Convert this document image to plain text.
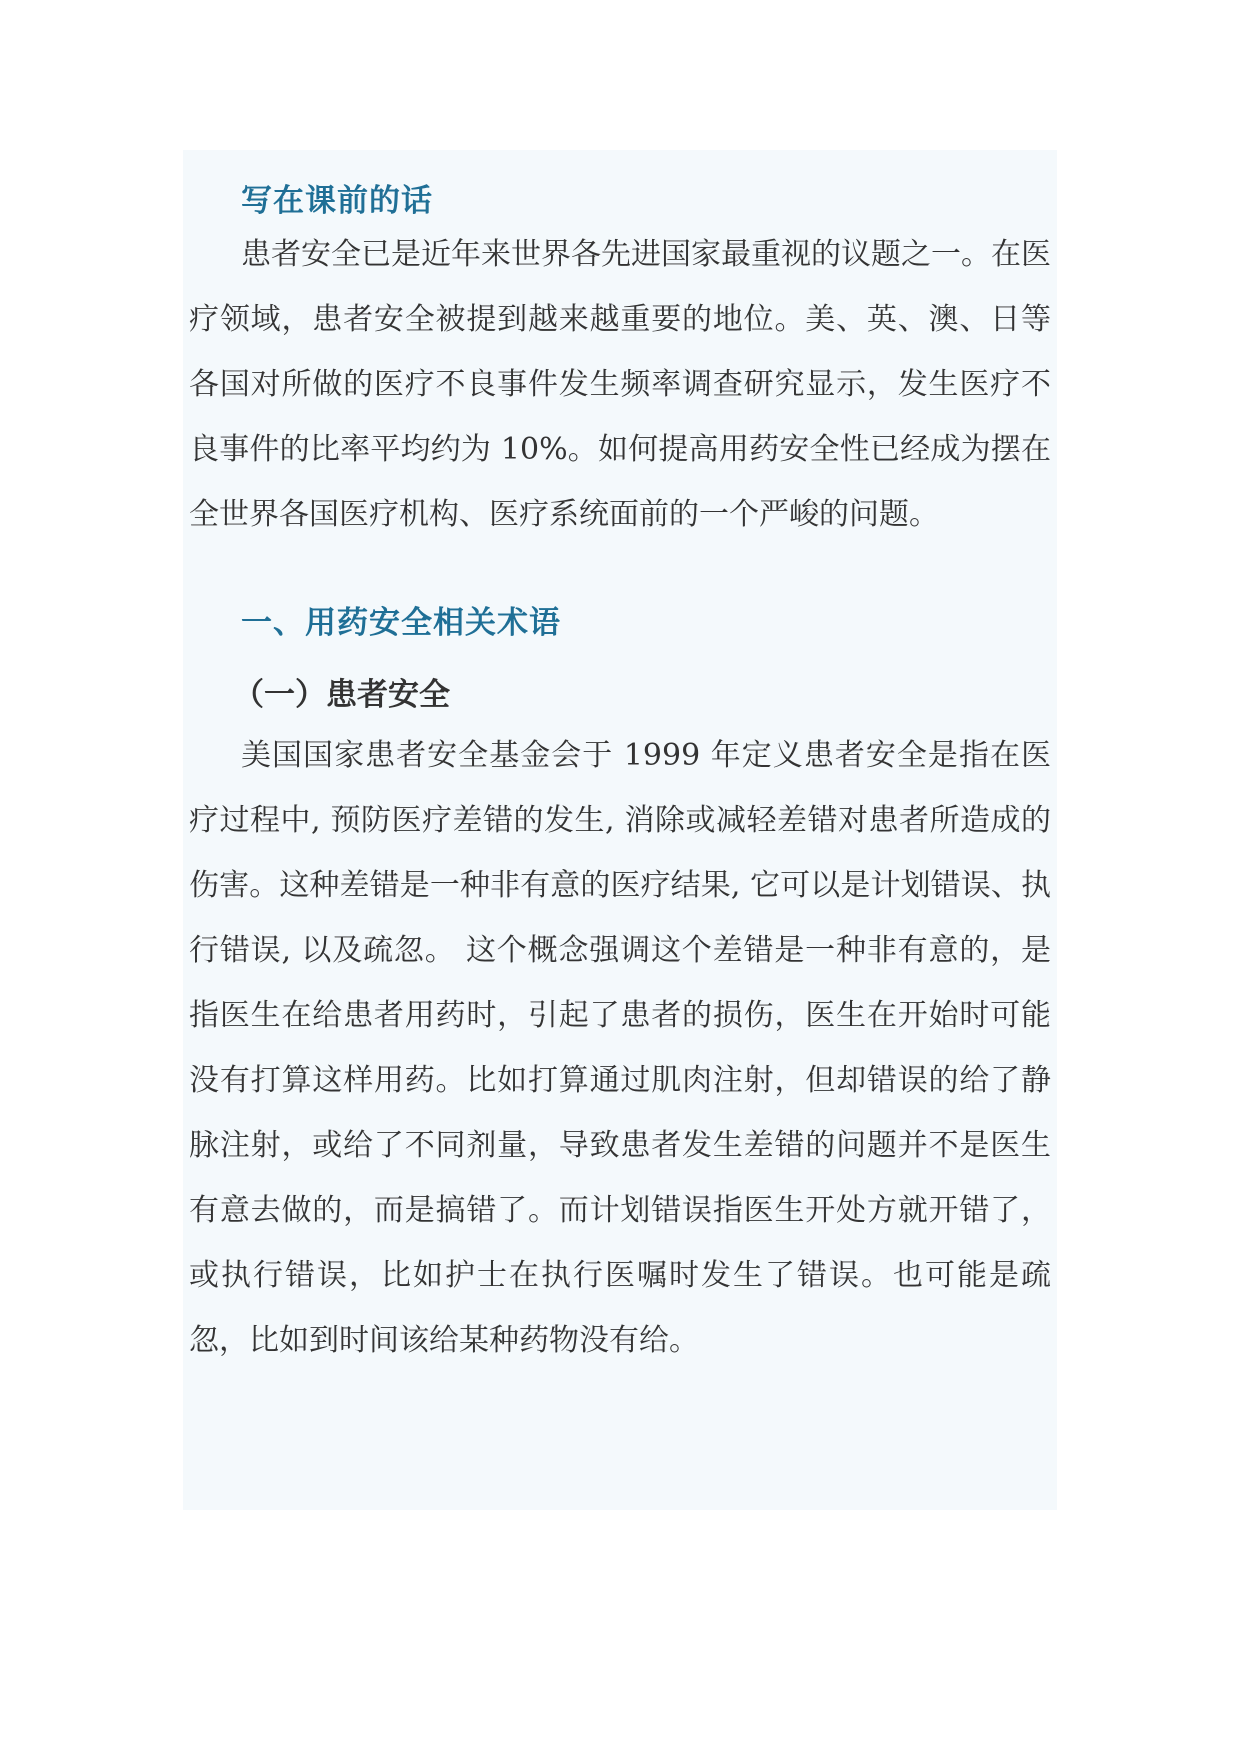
写在课前的话

患者安全已是近年来世界各先进国家最重视的议题之一。在医疗领域，患者安全被提到越来越重要的地位。美、英、澳、日等各国对所做的医疗不良事件发生频率调查研究显示，发生医疗不良事件的比率平均约为 10%。如何提高用药安全性已经成为摆在全世界各国医疗机构、医疗系统面前的一个严峻的问题。

一、用药安全相关术语
（一）患者安全

美国国家患者安全基金会于 1999 年定义患者安全是指在医疗过程中, 预防医疗差错的发生, 消除或减轻差错对患者所造成的伤害。这种差错是一种非有意的医疗结果, 它可以是计划错误、执行错误, 以及疏忽。 这个概念强调这个差错是一种非有意的，是指医生在给患者用药时，引起了患者的损伤，医生在开始时可能没有打算这样用药。比如打算通过肌肉注射，但却错误的给了静脉注射，或给了不同剂量，导致患者发生差错的问题并不是医生有意去做的，而是搞错了。而计划错误指医生开处方就开错了，或执行错误，比如护士在执行医嘱时发生了错误。也可能是疏忽，比如到时间该给某种药物没有给。
